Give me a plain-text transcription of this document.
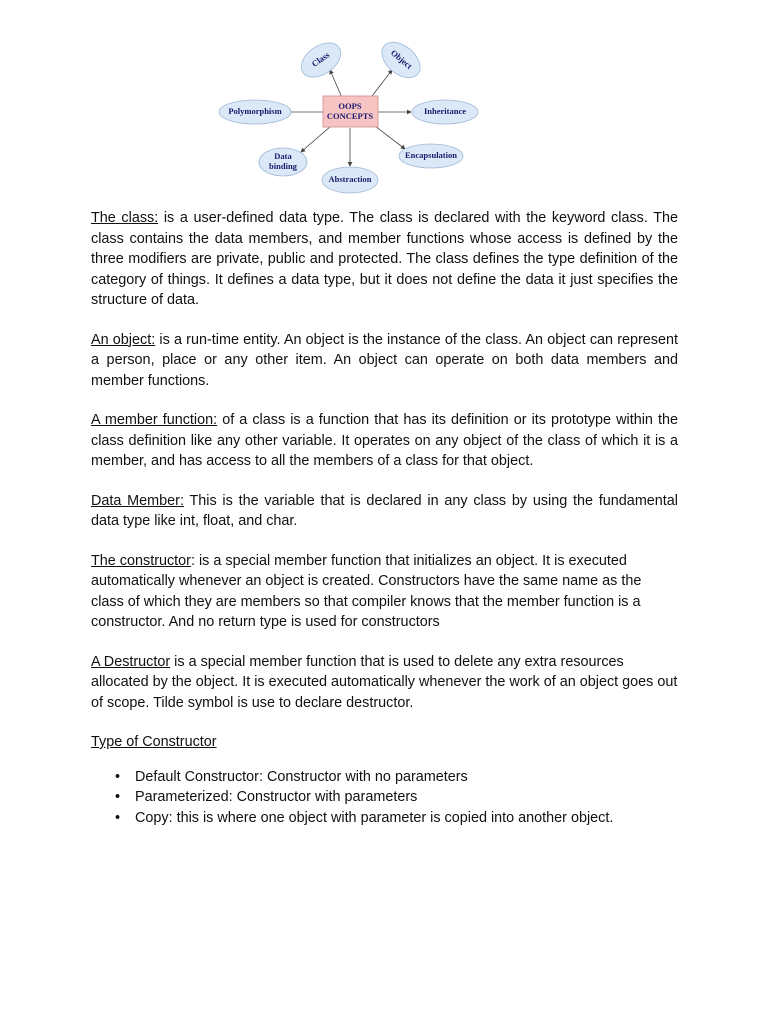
Class	Object
Polymorphism	Inheritance
Data binding
Encapsulation
Abstraction
OOPS CONCEPTS

The class: is a user-defined data type. The class is declared with the keyword class. The class contains the data members, and member functions whose access is defined by the three modifiers are private, public and protected. The class defines the type definition of the category of things. It defines a data type, but it does not define the data it just specifies the structure of data.

An object: is a run-time entity. An object is the instance of the class. An object can represent a person, place or any other item. An object can operate on both data members and member functions.

A member function: of a class is a function that has its definition or its prototype within the class definition like any other variable. It operates on any object of the class of which it is a member, and has access to all the members of a class for that object.

Data Member: This is the variable that is declared in any class by using the fundamental data type like int, float, and char.

The constructor: is a special member function that initializes an object. It is executed automatically whenever an object is created. Constructors have the same name as the class of which they are members so that compiler knows that the member function is a constructor. And no return type is used for constructors

A Destructor is a special member function that is used to delete any extra resources allocated by the object. It is executed automatically whenever the work of an object goes out of scope. Tilde symbol is use to declare destructor.

Type of Constructor
• Default Constructor: Constructor with no parameters
• Parameterized: Constructor with parameters
• Copy: this is where one object with parameter is copied into another object.
